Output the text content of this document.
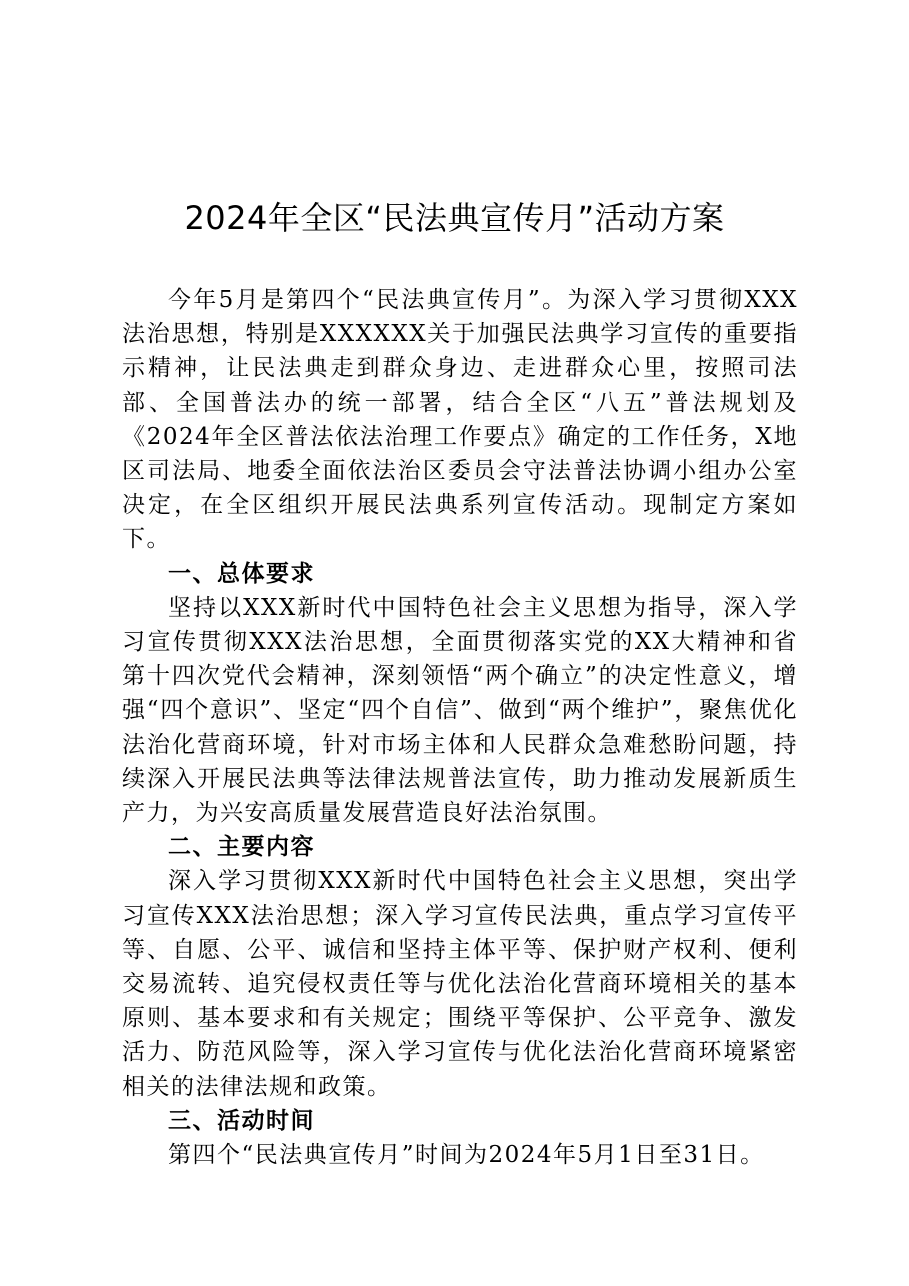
2024年全区“民法典宣传月”活动方案

今年5月是第四个“民法典宣传月”。为深入学习贯彻XXX法治思想，特别是XXXXXX关于加强民法典学习宣传的重要指示精神，让民法典走到群众身边、走进群众心里，按照司法部、全国普法办的统一部署，结合全区“八五”普法规划及《2024年全区普法依法治理工作要点》确定的工作任务，X地区司法局、地委全面依法治区委员会守法普法协调小组办公室决定，在全区组织开展民法典系列宣传活动。现制定方案如下。

一、总体要求

坚持以XXX新时代中国特色社会主义思想为指导，深入学习宣传贯彻XXX法治思想，全面贯彻落实党的XX大精神和省第十四次党代会精神，深刻领悟“两个确立”的决定性意义，增强“四个意识”、坚定“四个自信”、做到“两个维护”，聚焦优化法治化营商环境，针对市场主体和人民群众急难愁盼问题，持续深入开展民法典等法律法规普法宣传，助力推动发展新质生产力，为兴安高质量发展营造良好法治氛围。

二、主要内容

深入学习贯彻XXX新时代中国特色社会主义思想，突出学习宣传XXX法治思想；深入学习宣传民法典，重点学习宣传平等、自愿、公平、诚信和坚持主体平等、保护财产权利、便利交易流转、追究侵权责任等与优化法治化营商环境相关的基本原则、基本要求和有关规定；围绕平等保护、公平竞争、激发活力、防范风险等，深入学习宣传与优化法治化营商环境紧密相关的法律法规和政策。

三、活动时间

第四个“民法典宣传月”时间为2024年5月1日至31日。
